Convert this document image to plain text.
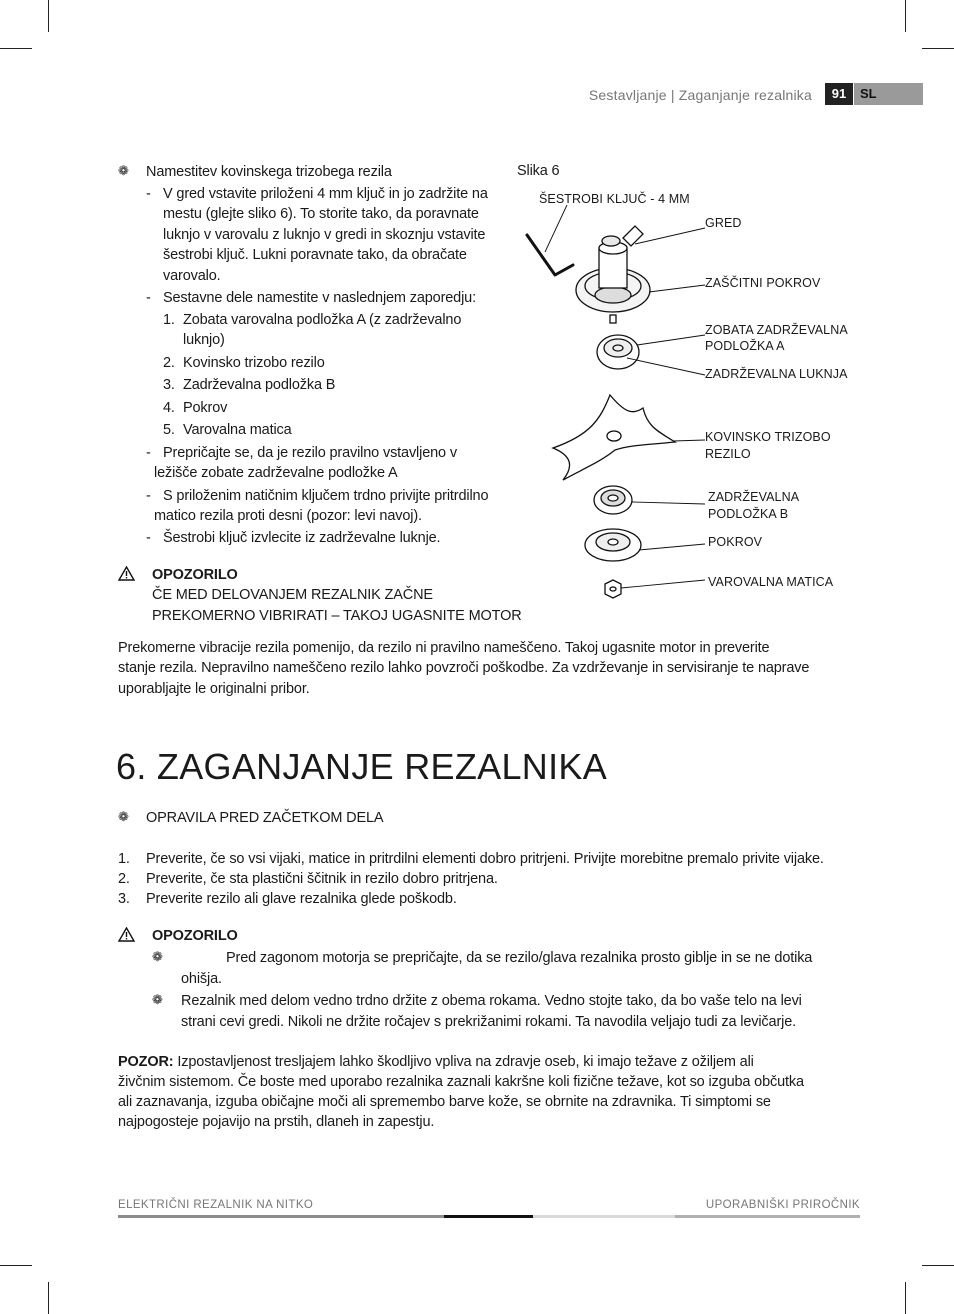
Sestavljanje | Zaganjanje rezalnika	91	SL
❁ Namestitev kovinskega trizobega rezila
- V gred vstavite priloženi 4 mm ključ in jo zadržite na
mestu (glejte sliko 6). To storite tako, da poravnate
luknjo v varovalu z luknjo v gredi in skoznju vstavite
šestrobi ključ. Lukni poravnate tako, da obračate
varovalo.
- Sestavne dele namestite v naslednjem zaporedju:
1. Zobata varovalna podložka A (z zadrževalno
luknjo)
2. Kovinsko trizobo rezilo
3. Zadrževalna podložka B
4. Pokrov
5. Varovalna matica
- Prepričajte se, da je rezilo pravilno vstavljeno v
ležišče zobate zadrževalne podložke A
- S priloženim natičnim ključem trdno privijte pritrdilno
matico rezila proti desni (pozor: levi navoj).
- Šestrobi ključ izvlecite iz zadrževalne luknje.
OPOZORILO
ČE MED DELOVANJEM REZALNIK ZAČNE
PREKOMERNO VIBRIRATI – TAKOJ UGASNITE MOTOR
Prekomerne vibracije rezila pomenijo, da rezilo ni pravilno nameščeno. Takoj ugasnite motor in preverite
stanje rezila. Nepravilno nameščeno rezilo lahko povzroči poškodbe. Za vzdrževanje in servisiranje te naprave
uporabljajte le originalni pribor.
Slika 6
ŠESTROBI KLJUČ - 4 MM
GRED
ZAŠČITNI POKROV
ZOBATA ZADRŽEVALNA
PODLOŽKA A
ZADRŽEVALNA LUKNJA
KOVINSKO TRIZOBO
REZILO
ZADRŽEVALNA
PODLOŽKA B
POKROV
VAROVALNA MATICA
6. ZAGANJANJE REZALNIKA
❁ OPRAVILA PRED ZAČETKOM DELA
1. Preverite, če so vsi vijaki, matice in pritrdilni elementi dobro pritrjeni. Privijte morebitne premalo privite vijake.
2. Preverite, če sta plastični ščitnik in rezilo dobro pritrjena.
3. Preverite rezilo ali glave rezalnika glede poškodb.
OPOZORILO
❁	Pred zagonom motorja se prepričajte, da se rezilo/glava rezalnika prosto giblje in se ne dotika
ohišja.
❁ Rezalnik med delom vedno trdno držite z obema rokama. Vedno stojte tako, da bo vaše telo na levi
strani cevi gredi. Nikoli ne držite ročajev s prekrižanimi rokami. Ta navodila veljajo tudi za levičarje.
POZOR: Izpostavljenost tresljajem lahko škodljivo vpliva na zdravje oseb, ki imajo težave z ožiljem ali
živčnim sistemom. Če boste med uporabo rezalnika zaznali kakršne koli fizične težave, kot so izguba občutka
ali zaznavanja, izguba običajne moči ali spremembo barve kože, se obrnite na zdravnika. Ti simptomi se
najpogosteje pojavijo na prstih, dlaneh in zapestju.
ELEKTRIČNI REZALNIK NA NITKO	UPORABNIŠKI PRIROČNIK
